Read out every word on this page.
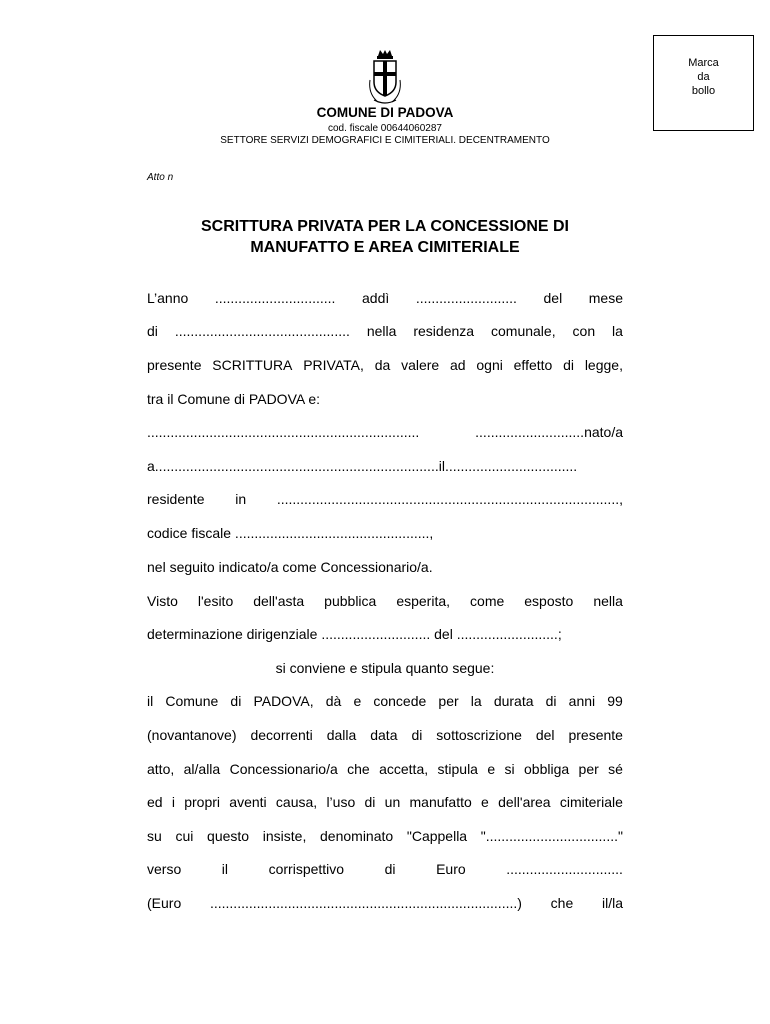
Marca
da
bollo
COMUNE DI PADOVA
cod. fiscale 00644060287
SETTORE SERVIZI DEMOGRAFICI E CIMITERIALI. DECENTRAMENTO
Atto n
SCRITTURA PRIVATA PER LA CONCESSIONE DI
MANUFATTO E AREA CIMITERIALE
L’anno ............................... addì .......................... del mese
di ............................................. nella residenza comunale, con la
presente SCRITTURA PRIVATA, da valere ad ogni effetto di legge,
tra il Comune di PADOVA e:
......................................................................	............................nato/a
a.........................................................................il..................................
residente in ........................................................................................,
codice fiscale ..................................................,
nel seguito indicato/a come Concessionario/a.
Visto l'esito dell'asta pubblica esperita, come esposto nella
determinazione dirigenziale ............................ del ..........................;
si conviene e stipula quanto segue:
il Comune di PADOVA, dà e concede per la durata di anni 99
(novantanove) decorrenti dalla data di sottoscrizione del presente
atto, al/alla Concessionario/a che accetta, stipula e si obbliga per sé
ed i propri aventi causa, l’uso di un manufatto e dell'area cimiteriale
su cui questo insiste, denominato "Cappella ".................................."
verso	il	corrispettivo	di	Euro	..............................
(Euro ...............................................................................) che il/la
